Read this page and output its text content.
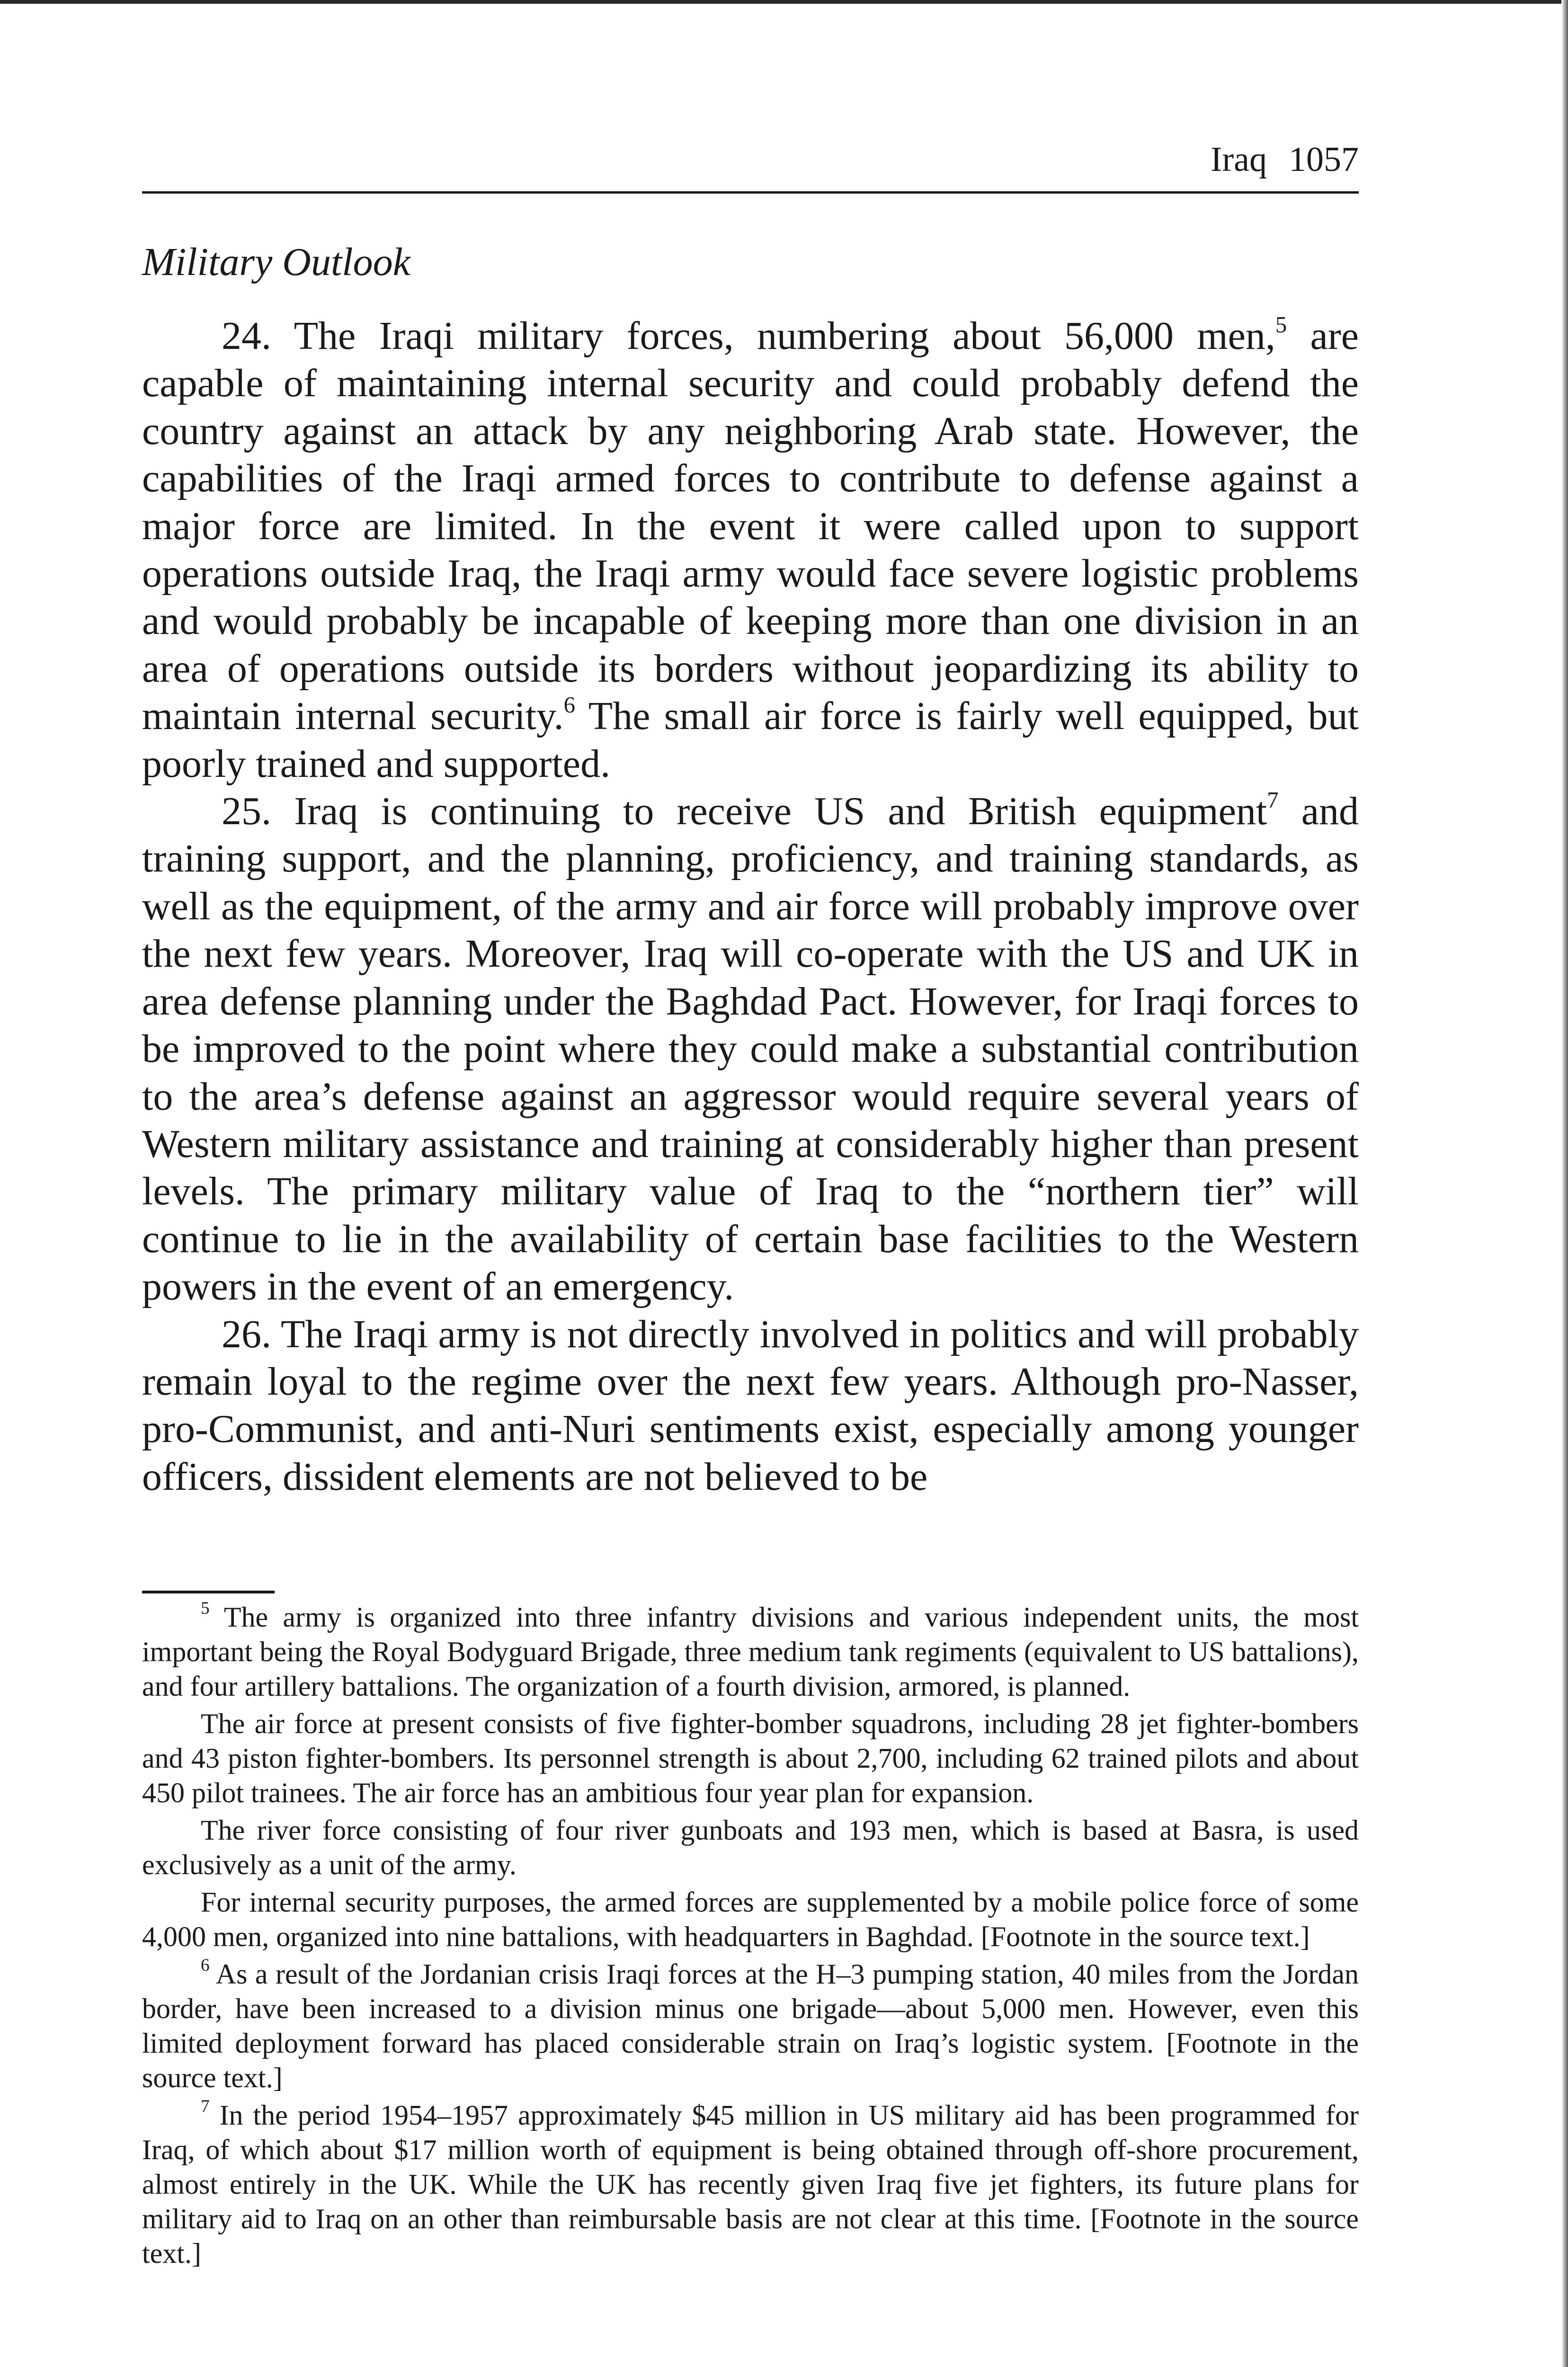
Iraq 1057
Military Outlook

24. The Iraqi military forces, numbering about 56,000 men,$^5$ are capable of maintaining internal security and could probably defend the country against an attack by any neighboring Arab state. However, the capabilities of the Iraqi armed forces to contribute to defense against a major force are limited. In the event it were called upon to support operations outside Iraq, the Iraqi army would face severe logistic problems and would probably be incapable of keeping more than one division in an area of operations outside its borders without jeopardizing its ability to maintain internal security.$^6$ The small air force is fairly well equipped, but poorly trained and supported.

25. Iraq is continuing to receive US and British equipment$^7$ and training support, and the planning, proficiency, and training standards, as well as the equipment, of the army and air force will probably improve over the next few years. Moreover, Iraq will co-operate with the US and UK in area defense planning under the Baghdad Pact. However, for Iraqi forces to be improved to the point where they could make a substantial contribution to the area’s defense against an aggressor would require several years of Western military assistance and training at considerably higher than present levels. The primary military value of Iraq to the “northern tier” will continue to lie in the availability of certain base facilities to the Western powers in the event of an emergency.

26. The Iraqi army is not directly involved in politics and will probably remain loyal to the regime over the next few years. Although pro-Nasser, pro-Communist, and anti-Nuri sentiments exist, especially among younger officers, dissident elements are not believed to be

$^5$ The army is organized into three infantry divisions and various independent units, the most important being the Royal Bodyguard Brigade, three medium tank regiments (equivalent to US battalions), and four artillery battalions. The organization of a fourth division, armored, is planned.

The air force at present consists of five fighter-bomber squadrons, including 28 jet fighter-bombers and 43 piston fighter-bombers. Its personnel strength is about 2,700, including 62 trained pilots and about 450 pilot trainees. The air force has an ambitious four year plan for expansion.

The river force consisting of four river gunboats and 193 men, which is based at Basra, is used exclusively as a unit of the army.

For internal security purposes, the armed forces are supplemented by a mobile police force of some 4,000 men, organized into nine battalions, with headquarters in Baghdad. [Footnote in the source text.]

$^6$ As a result of the Jordanian crisis Iraqi forces at the H–3 pumping station, 40 miles from the Jordan border, have been increased to a division minus one brigade—about 5,000 men. However, even this limited deployment forward has placed considerable strain on Iraq’s logistic system. [Footnote in the source text.]

$^7$ In the period 1954–1957 approximately $45 million in US military aid has been programmed for Iraq, of which about $17 million worth of equipment is being obtained through off-shore procurement, almost entirely in the UK. While the UK has recently given Iraq five jet fighters, its future plans for military aid to Iraq on an other than reimbursable basis are not clear at this time. [Footnote in the source text.]
